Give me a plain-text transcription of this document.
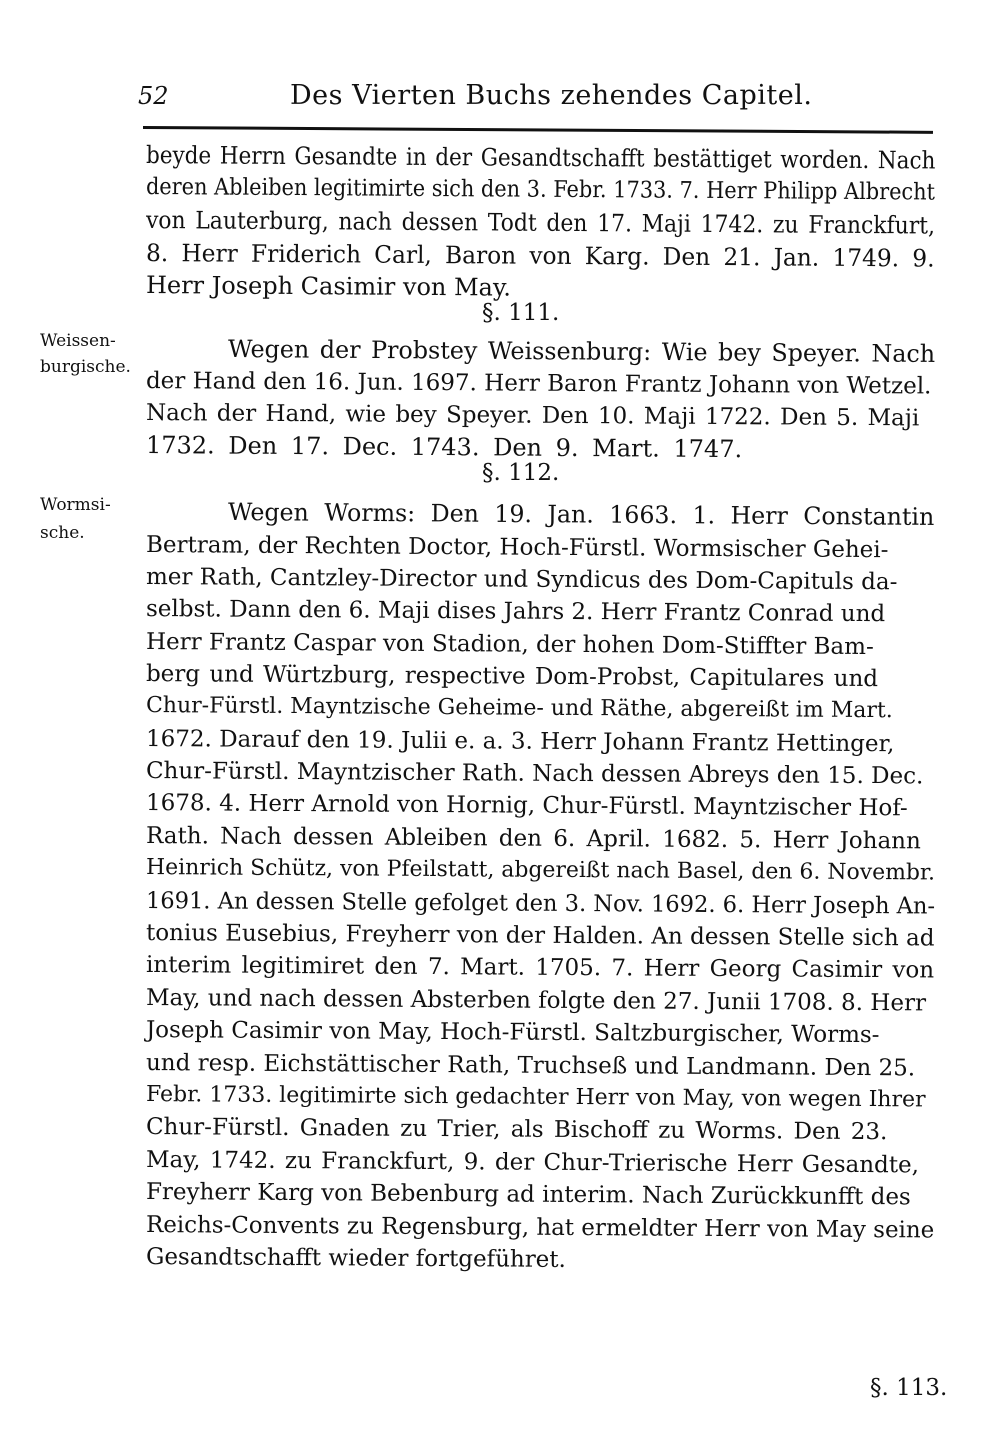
52	Des Vierten Buchs zehendes Capitel.
beyde Herrn Gesandte in der Gesandtschafft bestättiget worden. Nach
deren Ableiben legitimirte sich den 3. Febr. 1733. 7. Herr Philipp Albrecht
von Lauterburg, nach dessen Todt den 17. Maji 1742. zu Franckfurt,
8. Herr Friderich Carl, Baron von Karg. Den 21. Jan. 1749. 9.
Herr Joseph Casimir von May.
§. 111.
Weissen-
burgische.	Wegen der Probstey Weissenburg: Wie bey Speyer. Nach
der Hand den 16. Jun. 1697. Herr Baron Frantz Johann von Wetzel.
Nach der Hand, wie bey Speyer. Den 10. Maji 1722. Den 5. Maji
1732. Den 17. Dec. 1743. Den 9. Mart. 1747.
§. 112.
Wormsi-
sche.
Wegen Worms: Den 19. Jan. 1663. 1. Herr Constantin
Bertram, der Rechten Doctor, Hoch-Fürstl. Wormsischer Gehei-
mer Rath, Cantzley-Director und Syndicus des Dom-Capituls da-
selbst. Dann den 6. Maji dises Jahrs 2. Herr Frantz Conrad und
Herr Frantz Caspar von Stadion, der hohen Dom-Stiffter Bam-
berg und Würtzburg, respective Dom-Probst, Capitulares und
Chur-Fürstl. Mayntzische Geheime- und Räthe, abgereißt im Mart.
1672. Darauf den 19. Julii e. a. 3. Herr Johann Frantz Hettinger,
Chur-Fürstl. Mayntzischer Rath. Nach dessen Abreys den 15. Dec.
1678. 4. Herr Arnold von Hornig, Chur-Fürstl. Mayntzischer Hof-
Rath. Nach dessen Ableiben den 6. April. 1682. 5. Herr Johann
Heinrich Schütz, von Pfeilstatt, abgereißt nach Basel, den 6. Novembr.
1691. An dessen Stelle gefolget den 3. Nov. 1692. 6. Herr Joseph An-
tonius Eusebius, Freyherr von der Halden. An dessen Stelle sich ad
interim legitimiret den 7. Mart. 1705. 7. Herr Georg Casimir von
May, und nach dessen Absterben folgte den 27. Junii 1708. 8. Herr
Joseph Casimir von May, Hoch-Fürstl. Saltzburgischer, Worms-
und resp. Eichstättischer Rath, Truchseß und Landmann. Den 25.
Febr. 1733. legitimirte sich gedachter Herr von May, von wegen Ihrer
Chur-Fürstl. Gnaden zu Trier, als Bischoff zu Worms. Den 23.
May, 1742. zu Franckfurt, 9. der Chur-Trierische Herr Gesandte,
Freyherr Karg von Bebenburg ad interim. Nach Zurückkunfft des
Reichs-Convents zu Regensburg, hat ermeldter Herr von May seine
Gesandtschafft wieder fortgeführet.
§. 113.
